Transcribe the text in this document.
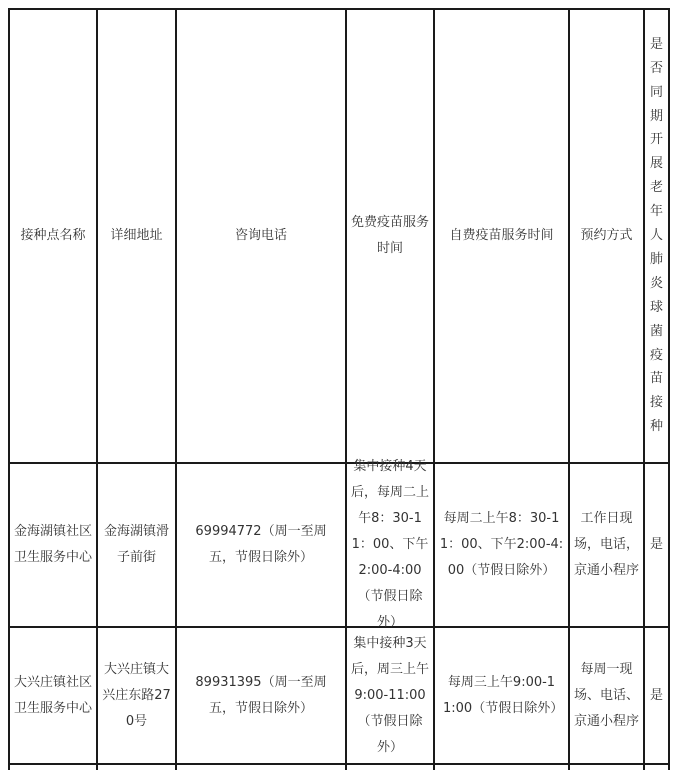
接种点名称 详细地址	咨询电话
免费疫苗服务时间
自费疫苗服务时间 预约方式
是
否
同
期
开
展
老
年
人
肺
炎
球
菌
疫
苗
接
种
金海湖镇社区卫生服务中心
金海湖镇滑子前街
69994772（周一至周五，节假日除外）
集中接种4天后，每周二上午8：30-11：00、下午2:00-4:00（节假日除外）
每周二上午8：30-11：00、下午2:00-4:00（节假日除外）
工作日现场，电话，京通小程序
是
大兴庄镇社区卫生服务中心
大兴庄镇大兴庄东路270号
89931395（周一至周五，节假日除外）
集中接种3天后，周三上午9:00-11:00（节假日除外）
每周三上午9:00-11:00（节假日除外）
每周一现场、电话、京通小程序
是
